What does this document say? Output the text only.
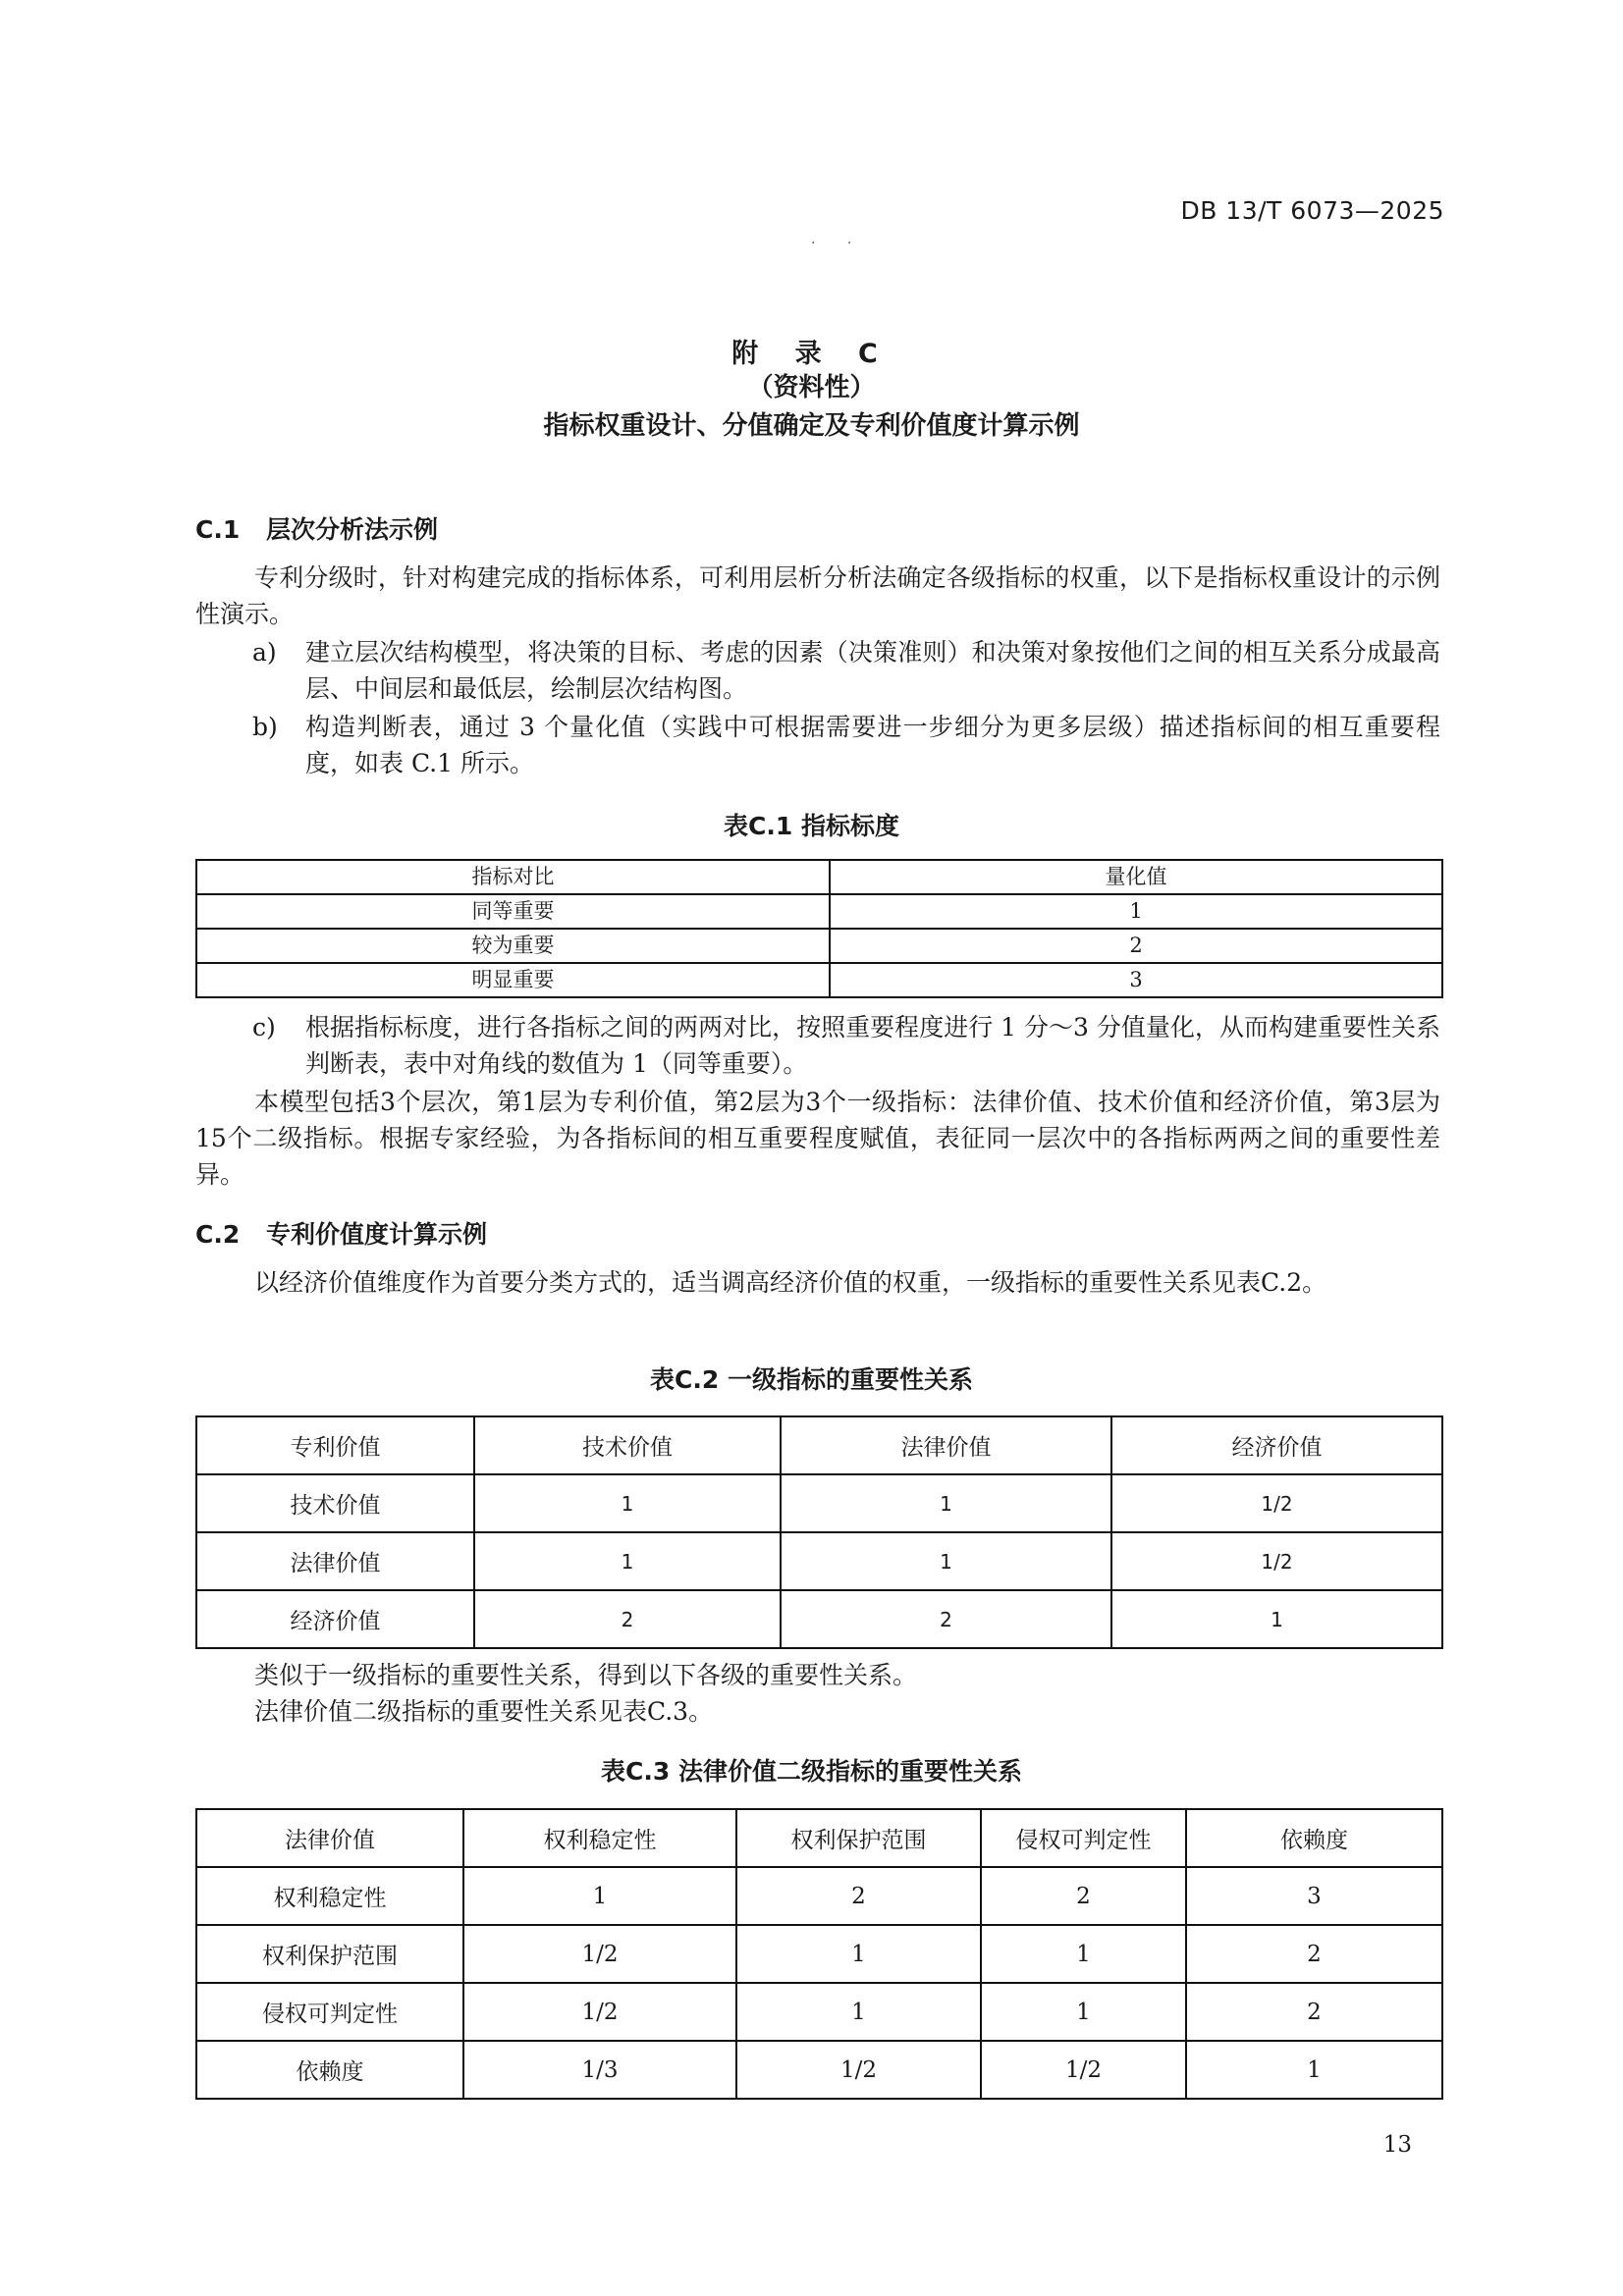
DB 13/T 6073—2025
· ·
附 录 C
（资料性）
指标权重设计、分值确定及专利价值度计算示例
C.1 层次分析法示例
专利分级时，针对构建完成的指标体系，可利用层析分析法确定各级指标的权重，以下是指标权重设计的示例性演示。
a) 建立层次结构模型，将决策的目标、考虑的因素（决策准则）和决策对象按他们之间的相互关系分成最高层、中间层和最低层，绘制层次结构图。
b) 构造判断表，通过 3 个量化值（实践中可根据需要进一步细分为更多层级）描述指标间的相互重要程度，如表 C.1 所示。
表C.1 指标标度
指标对比	量化值
同等重要	1
较为重要	2
明显重要	3
c) 根据指标标度，进行各指标之间的两两对比，按照重要程度进行 1 分～3 分值量化，从而构建重要性关系判断表，表中对角线的数值为 1（同等重要）。
本模型包括3个层次，第1层为专利价值，第2层为3个一级指标：法律价值、技术价值和经济价值，第3层为15个二级指标。根据专家经验，为各指标间的相互重要程度赋值，表征同一层次中的各指标两两之间的重要性差异。
C.2 专利价值度计算示例
以经济价值维度作为首要分类方式的，适当调高经济价值的权重，一级指标的重要性关系见表C.2。
表C.2 一级指标的重要性关系
专利价值	技术价值	法律价值	经济价值
技术价值	1	1	1/2
法律价值	1	1	1/2
经济价值	2	2	1
类似于一级指标的重要性关系，得到以下各级的重要性关系。
法律价值二级指标的重要性关系见表C.3。
表C.3 法律价值二级指标的重要性关系
法律价值	权利稳定性	权利保护范围	侵权可判定性	依赖度
权利稳定性	1	2	2	3
权利保护范围	1/2	1	1	2
侵权可判定性	1/2	1	1	2
依赖度	1/3	1/2	1/2	1
13
